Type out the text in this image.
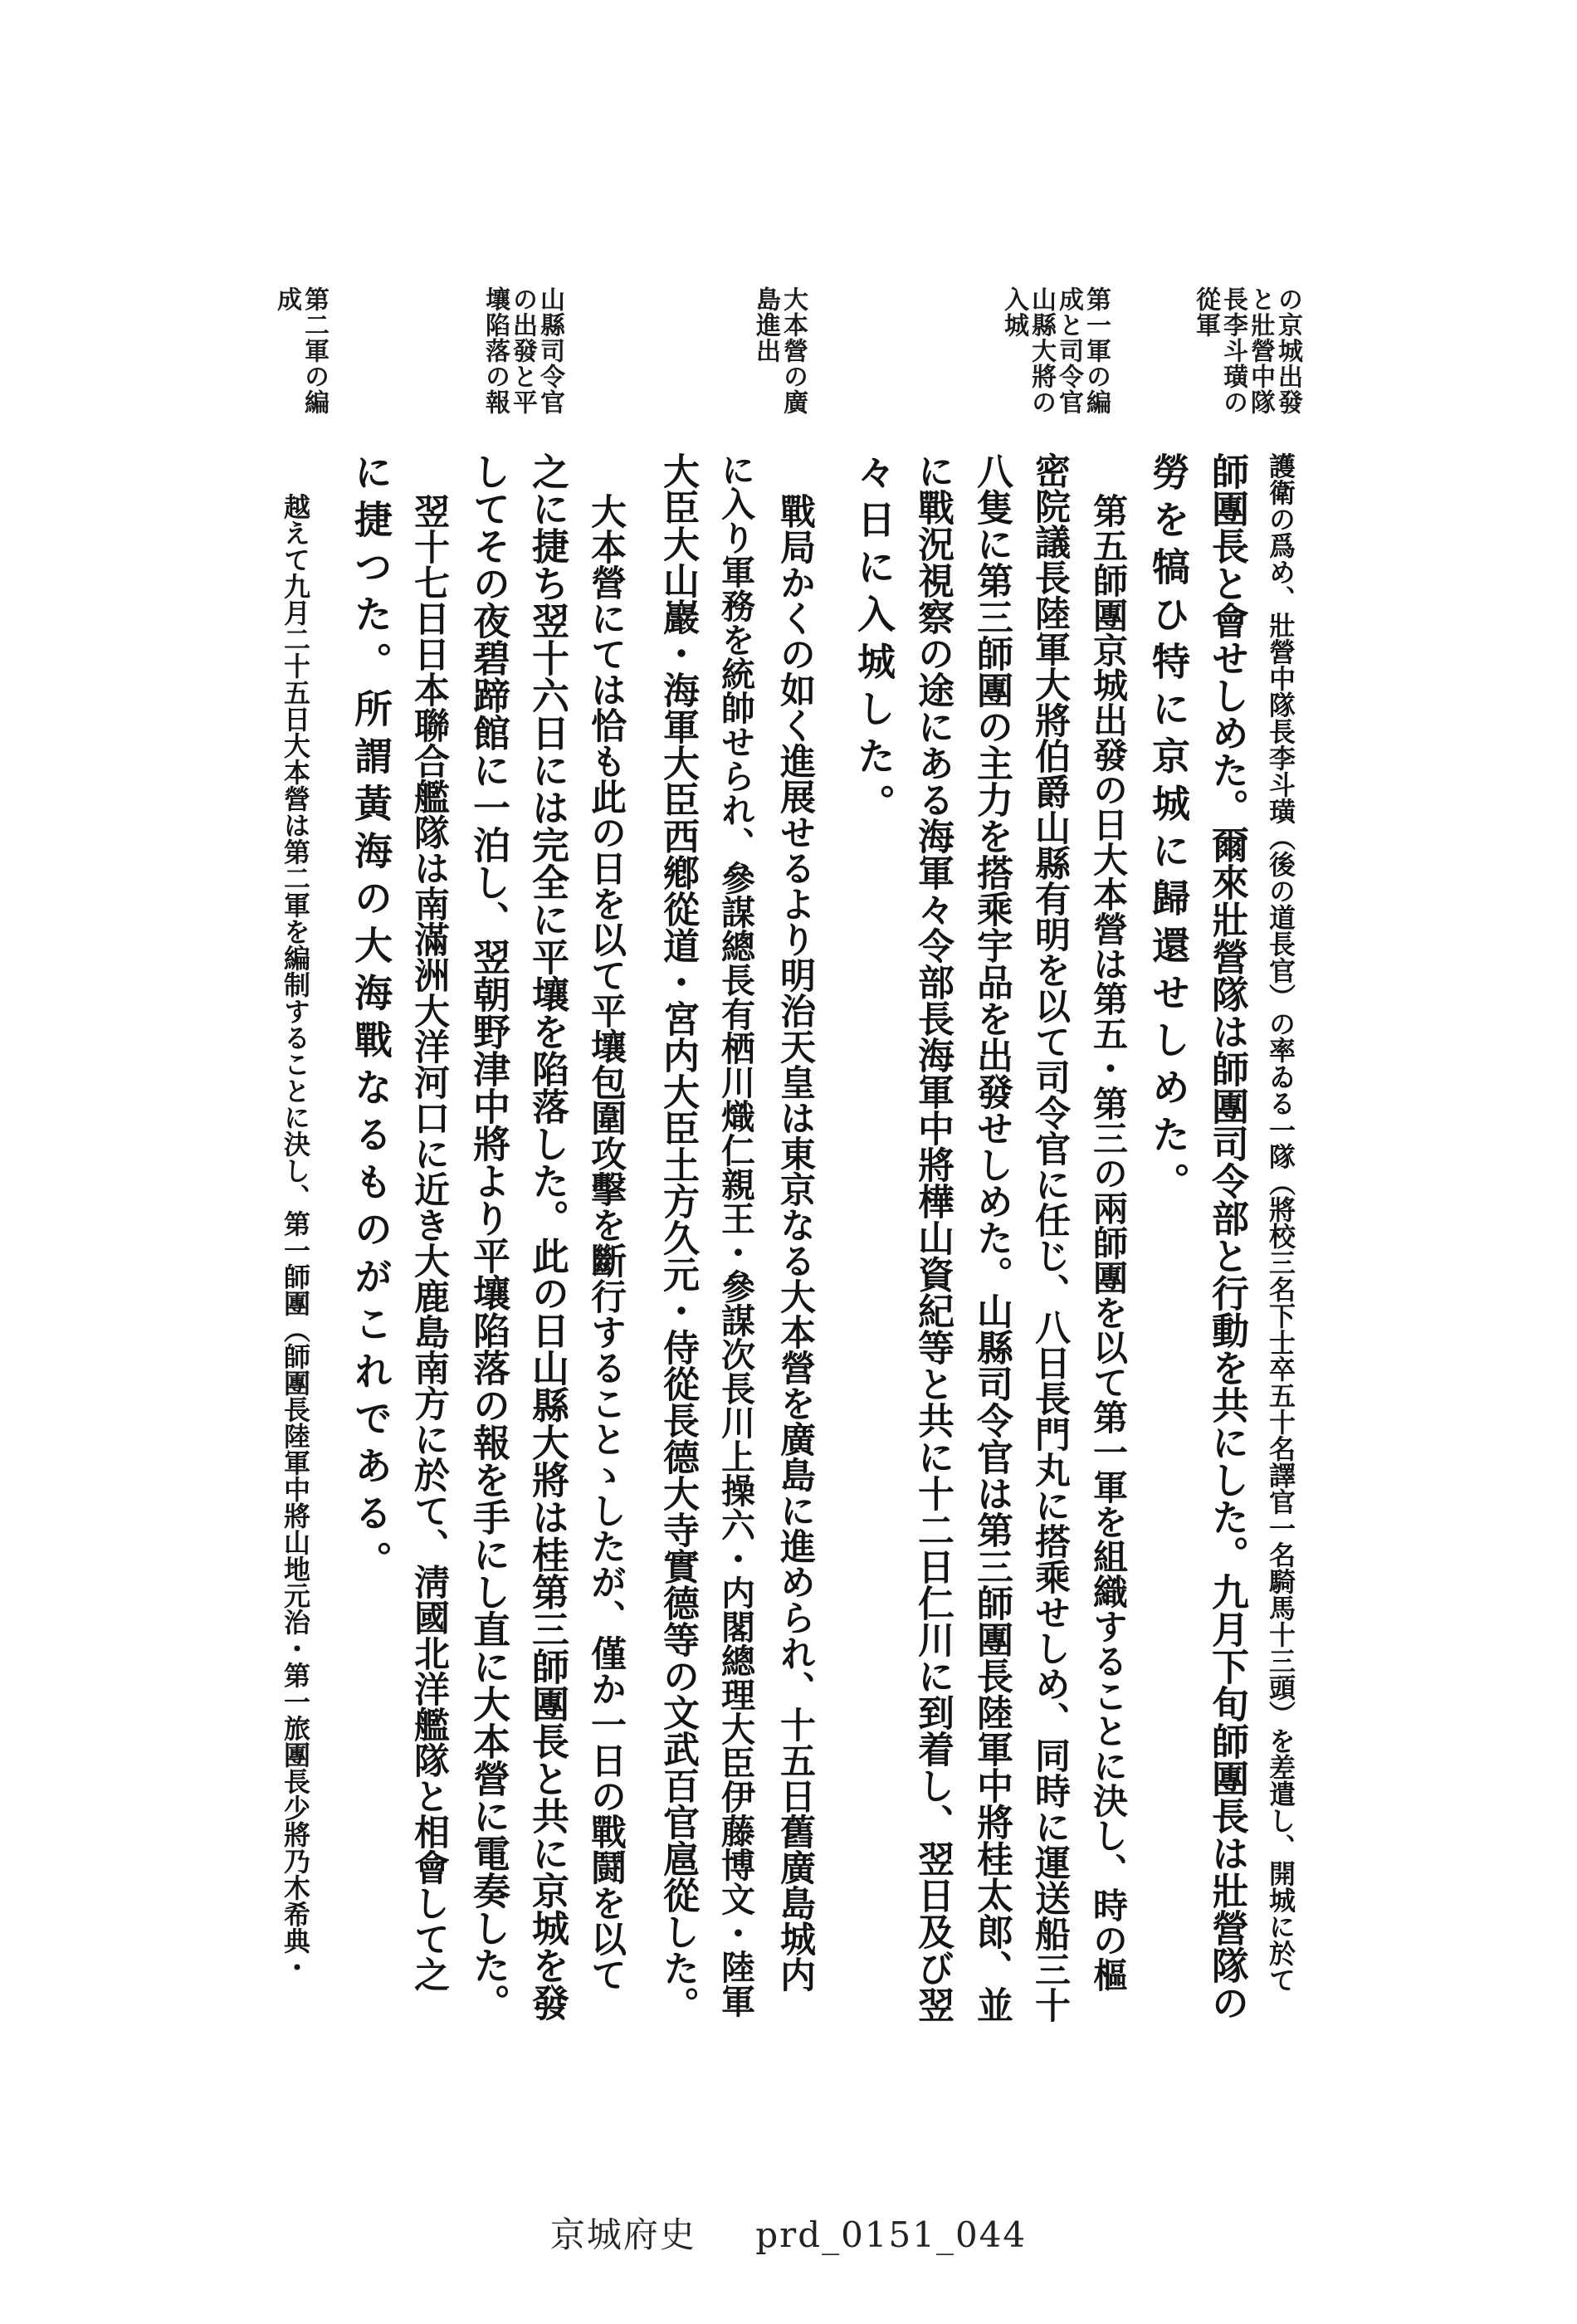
の京城出發
と壯營中隊
長李斗璜の
從軍
第一軍の編
成と司令官
山縣大將の
入城
大本營の廣
島進出
山縣司令官
の出發と平
壤陷落の報
第二軍の編
成
護衛の爲め、壯營中隊長李斗璜（後の道長官）の率ゐる一隊（將校三名下士卒五十名譯官一名騎馬十三頭）を差遣し、開城に於て
師團長と會せしめた。爾來壯營隊は師團司令部と行動を共にした。九月下旬師團長は壯營隊の
勞を犒ひ特に京城に歸還せしめた。
第五師團京城出發の日大本營は第五・第三の兩師團を以て第一軍を組織することに決し、時の樞
密院議長陸軍大將伯爵山縣有明を以て司令官に任じ、八日長門丸に搭乘せしめ、同時に運送船三十
八隻に第三師團の主力を搭乘宇品を出發せしめた。山縣司令官は第三師團長陸軍中將桂太郎、並
に戰況視察の途にある海軍々令部長海軍中將樺山資紀等と共に十二日仁川に到着し、翌日及び翌
々日に入城した。
戰局かくの如く進展せるより明治天皇は東京なる大本營を廣島に進められ、十五日舊廣島城内
に入り軍務を統帥せられ、參謀總長有栖川熾仁親王・參謀次長川上操六・内閣總理大臣伊藤博文・陸軍
大臣大山巖・海軍大臣西鄕從道・宮内大臣土方久元・侍從長德大寺實德等の文武百官扈從した。
大本營にては恰も此の日を以て平壤包圍攻擊を斷行することゝしたが、僅か一日の戰鬪を以て
之に捷ち翌十六日には完全に平壤を陷落した。此の日山縣大將は桂第三師團長と共に京城を發
してその夜碧蹄館に一泊し、翌朝野津中將より平壤陷落の報を手にし直に大本營に電奏した。
翌十七日日本聯合艦隊は南滿洲大洋河口に近き大鹿島南方に於て、淸國北洋艦隊と相會して之
に捷つた。所謂黃海の大海戰なるものがこれである。
越えて九月二十五日大本營は第二軍を編制することに決し、第一師團（師團長陸軍中將山地元治・第一旅團長少將乃木希典・
京城府史 prd_0151_044
